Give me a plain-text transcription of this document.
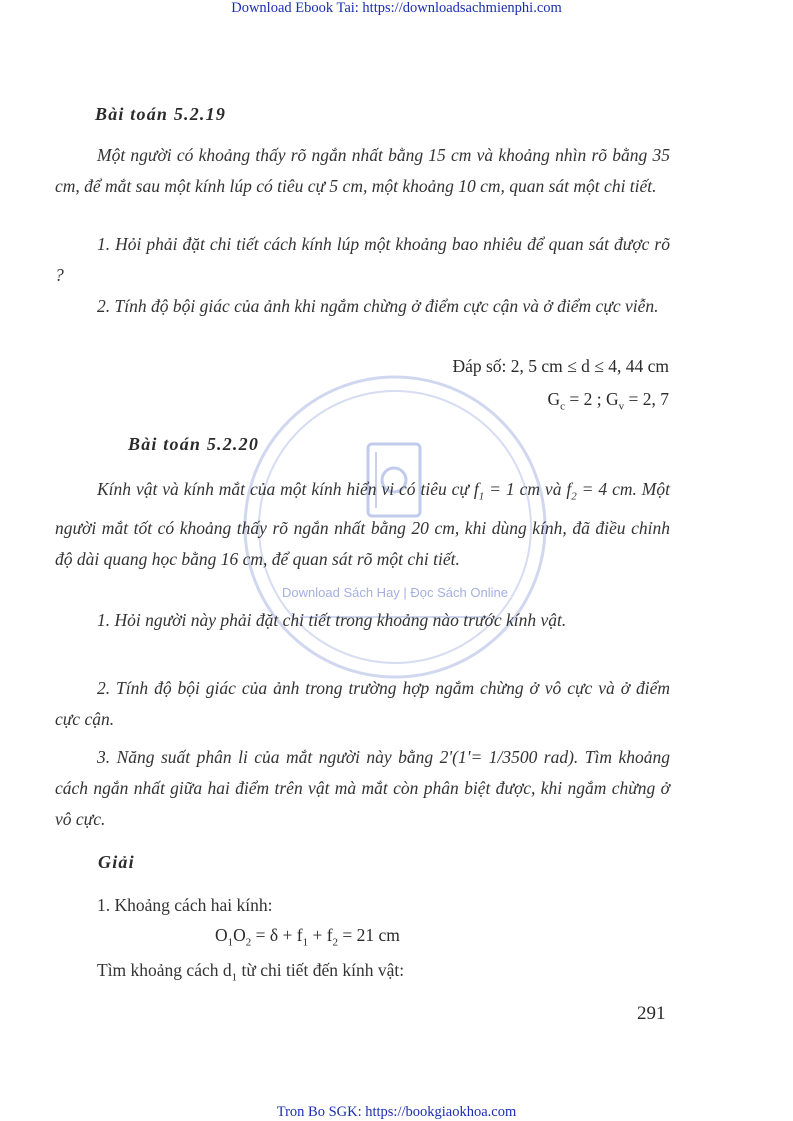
Download Ebook Tai: https://downloadsachmienphi.com
Download Sách Hay | Đọc Sách Online
Bài toán 5.2.19
Một người có khoảng thấy rõ ngắn nhất bằng 15 cm và khoảng nhìn rõ bằng 35 cm, để mắt sau một kính lúp có tiêu cự 5 cm, một khoảng 10 cm, quan sát một chi tiết.
1. Hỏi phải đặt chi tiết cách kính lúp một khoảng bao nhiêu để quan sát được rõ ?
2. Tính độ bội giác của ảnh khi ngắm chừng ở điểm cực cận và ở điểm cực viễn.
Đáp số: 2, 5 cm ≤ d ≤ 4, 44 cm
$G_c = 2$ ; $G_v = 2$, 7
Bài toán 5.2.20
Kính vật và kính mắt của một kính hiển vi có tiêu cự $f_1 = 1$ cm và $f_2 = 4$ cm. Một người mắt tốt có khoảng thấy rõ ngắn nhất bằng 20 cm, khi dùng kính, đã điều chỉnh độ dài quang học bằng 16 cm, để quan sát rõ một chi tiết.
1. Hỏi người này phải đặt chi tiết trong khoảng nào trước kính vật.
2. Tính độ bội giác của ảnh trong trường hợp ngắm chừng ở vô cực và ở điểm cực cận.
3. Năng suất phân li của mắt người này bằng 2'(1'= 1/3500 rad). Tìm khoảng cách ngắn nhất giữa hai điểm trên vật mà mắt còn phân biệt được, khi ngắm chừng ở vô cực.
Giải
1. Khoảng cách hai kính:
$O_1O_2 = \delta + f_1 + f_2 = 21$ cm
Tìm khoảng cách $d_1$ từ chi tiết đến kính vật:
291
Tron Bo SGK: https://bookgiaokhoa.com
